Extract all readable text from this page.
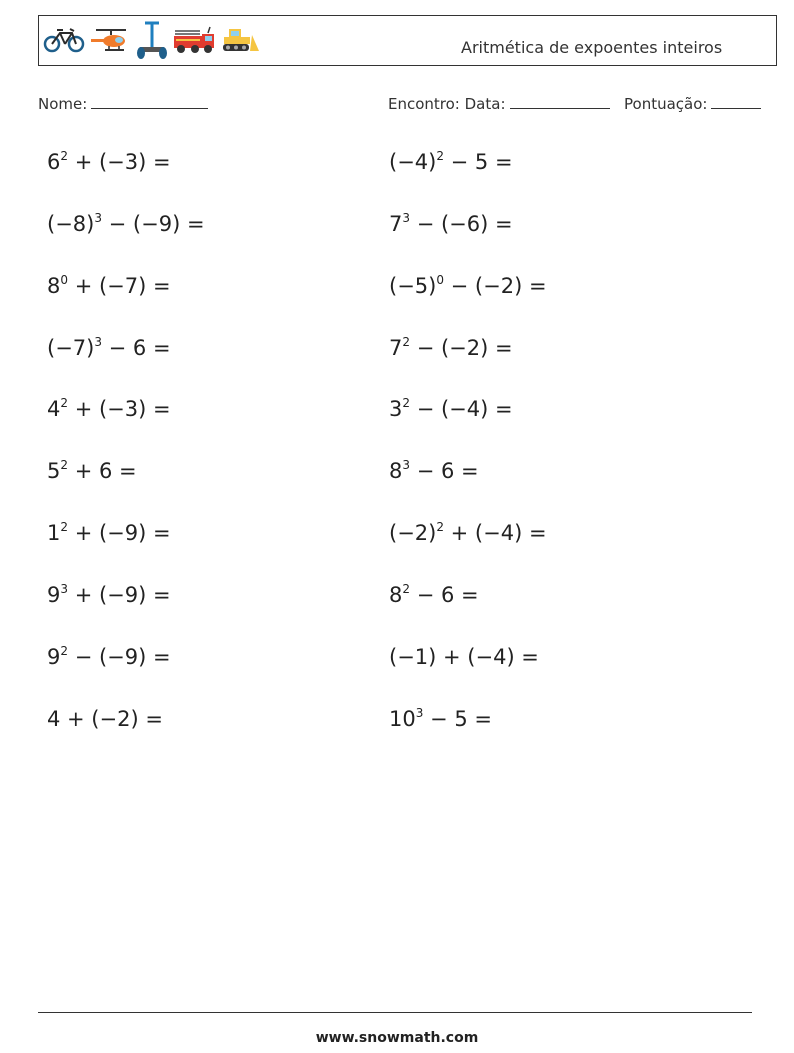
Aritmética de expoentes inteiros
Nome:	Encontro: Data:	Pontuação:
$6^2 + (-3)$ =	$(-4)^2 - 5$ =
$(-8)^3 - (-9)$ =	$7^3 - (-6)$ =
$8^0 + (-7)$ =	$(-5)^0 - (-2)$ =
$(-7)^3 - 6$ =	$7^2 - (-2)$ =
$4^2 + (-3)$ =	$3^2 - (-4)$ =
$5^2 + 6$ =	$8^3 - 6$ =
$1^2 + (-9)$ =	$(-2)^2 + (-4)$ =
$9^3 + (-9)$ =	$8^2 - 6$ =
$9^2 - (-9)$ =	(−1) + (−4) =
4 + (−2) =	$10^3 - 5$ =
www.snowmath.com
